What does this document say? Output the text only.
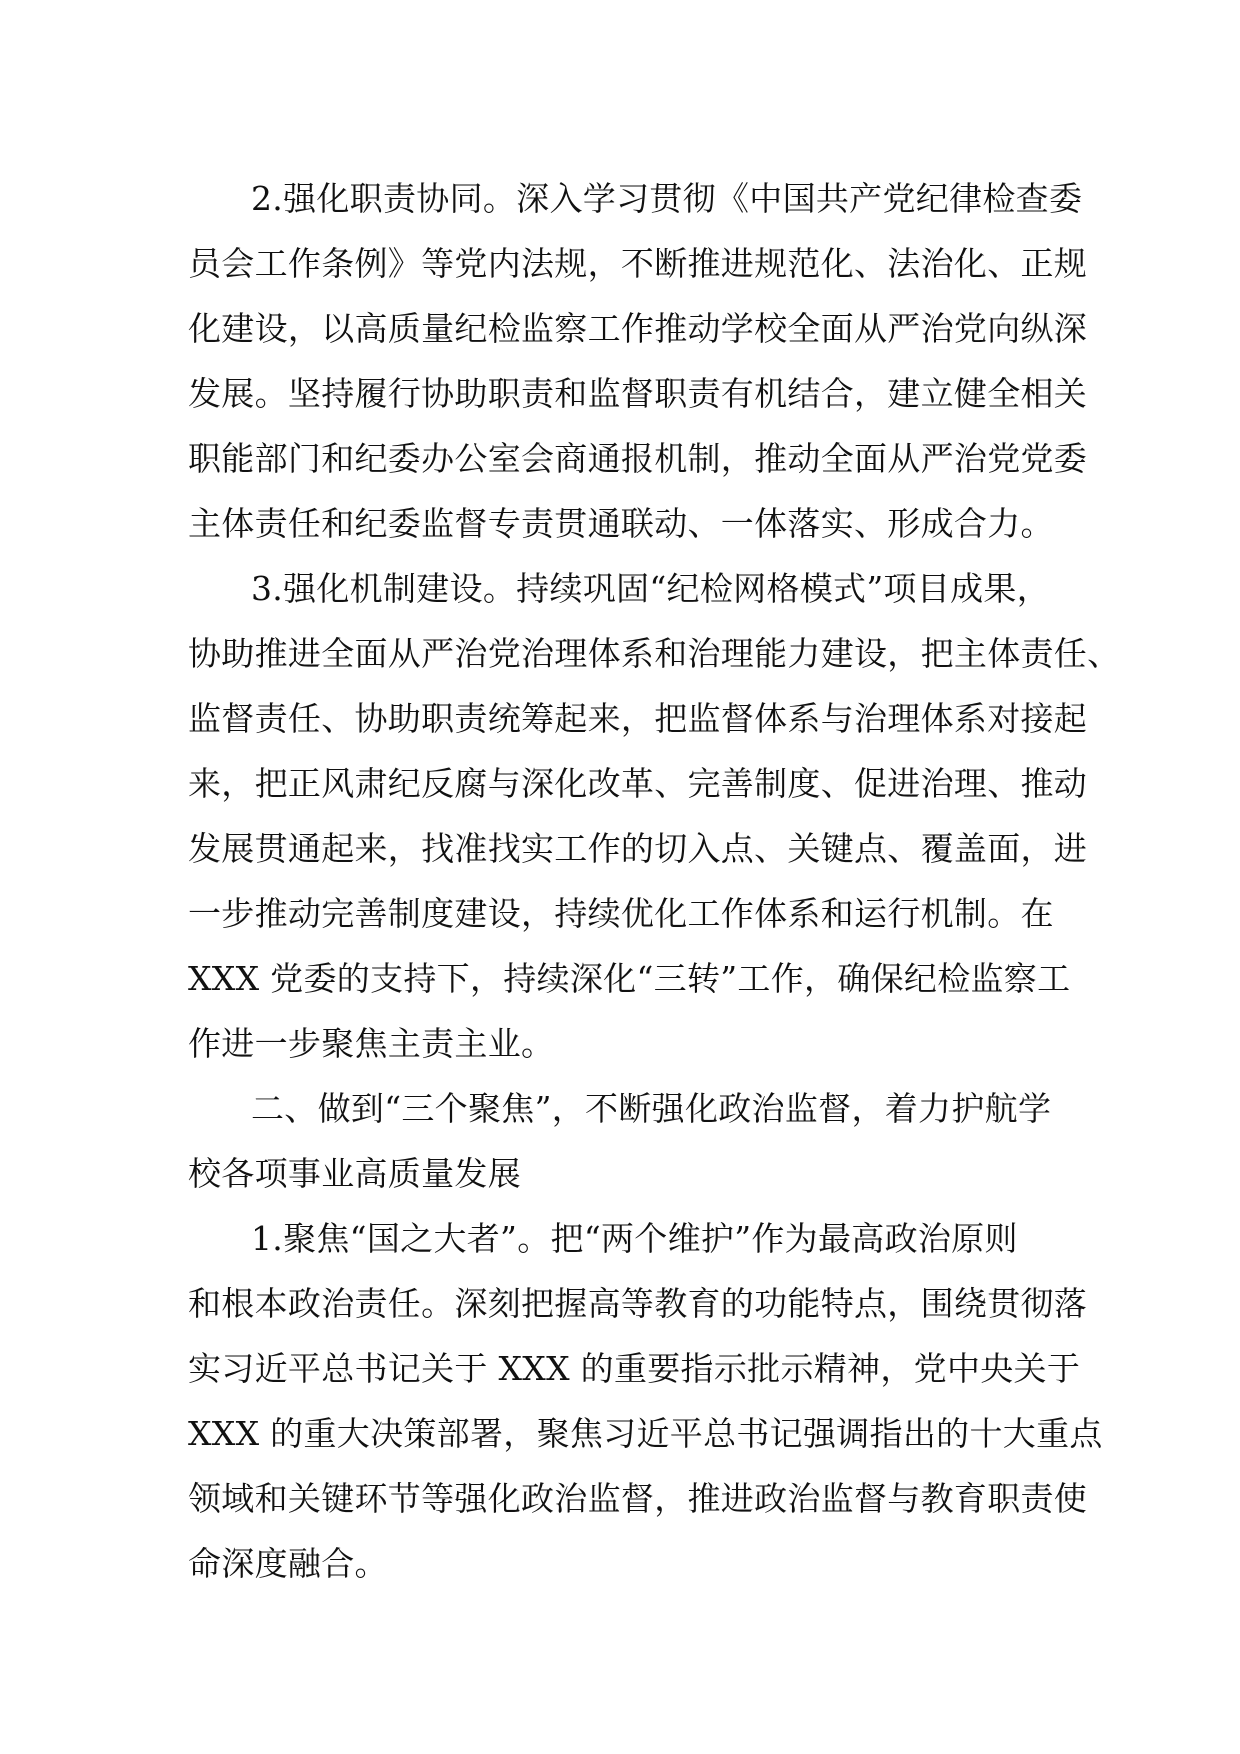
2.强化职责协同。深入学习贯彻《中国共产党纪律检查委
员会工作条例》等党内法规，不断推进规范化、法治化、正规
化建设，以高质量纪检监察工作推动学校全面从严治党向纵深
发展。坚持履行协助职责和监督职责有机结合，建立健全相关
职能部门和纪委办公室会商通报机制，推动全面从严治党党委
主体责任和纪委监督专责贯通联动、一体落实、形成合力。
3.强化机制建设。持续巩固“纪检网格模式”项目成果，
协助推进全面从严治党治理体系和治理能力建设，把主体责任、
监督责任、协助职责统筹起来，把监督体系与治理体系对接起
来，把正风肃纪反腐与深化改革、完善制度、促进治理、推动
发展贯通起来，找准找实工作的切入点、关键点、覆盖面，进
一步推动完善制度建设，持续优化工作体系和运行机制。在
XXX 党委的支持下，持续深化“三转”工作，确保纪检监察工
作进一步聚焦主责主业。
二、做到“三个聚焦”，不断强化政治监督，着力护航学
校各项事业高质量发展
1.聚焦“国之大者”。把“两个维护”作为最高政治原则
和根本政治责任。深刻把握高等教育的功能特点，围绕贯彻落
实习近平总书记关于 XXX 的重要指示批示精神，党中央关于
XXX 的重大决策部署，聚焦习近平总书记强调指出的十大重点
领域和关键环节等强化政治监督，推进政治监督与教育职责使
命深度融合。
